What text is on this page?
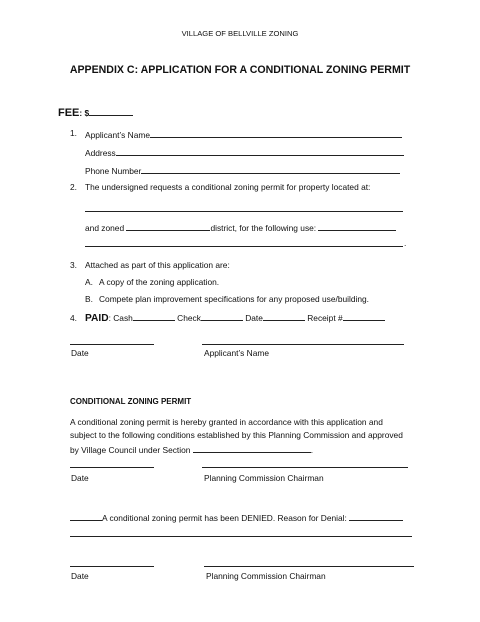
VILLAGE OF BELLVILLE ZONING
APPENDIX C: APPLICATION FOR A CONDITIONAL ZONING PERMIT
FEE: $
1. Applicant’s Name
Address
Phone Number
2. The undersigned requests a conditional zoning permit for property located at:
and zoned	district, for the following use:
.
3. Attached as part of this application are:
A. A copy of the zoning application.
B. Compete plan improvement specifications for any proposed use/building.
4. PAID: Cash	Check	Date	Receipt #
Date	Applicant’s Name
CONDITIONAL ZONING PERMIT
A conditional zoning permit is hereby granted in accordance with this application and
subject to the following conditions established by this Planning Commission and approved
by Village Council under Section	.
Date	Planning Commission Chairman
A conditional zoning permit has been DENIED. Reason for Denial:
Date	Planning Commission Chairman
